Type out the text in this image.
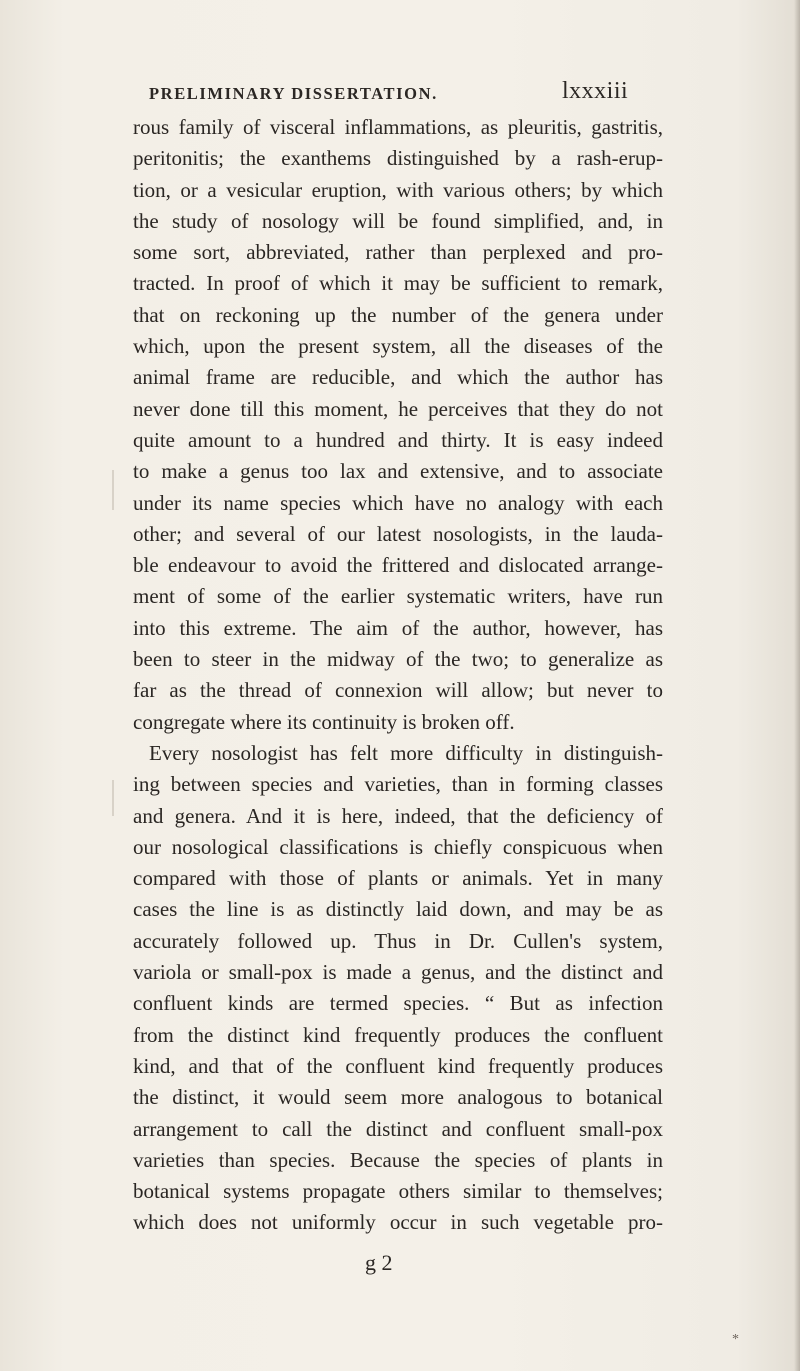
PRELIMINARY DISSERTATION.	lxxxiii
rous family of visceral inflammations, as pleuritis, gastritis,
peritonitis; the exanthems distinguished by a rash-erup-
tion, or a vesicular eruption, with various others; by which
the study of nosology will be found simplified, and, in
some sort, abbreviated, rather than perplexed and pro-
tracted. In proof of which it may be sufficient to remark,
that on reckoning up the number of the genera under
which, upon the present system, all the diseases of the
animal frame are reducible, and which the author has
never done till this moment, he perceives that they do not
quite amount to a hundred and thirty. It is easy indeed
to make a genus too lax and extensive, and to associate
under its name species which have no analogy with each
other; and several of our latest nosologists, in the lauda-
ble endeavour to avoid the frittered and dislocated arrange-
ment of some of the earlier systematic writers, have run
into this extreme. The aim of the author, however, has
been to steer in the midway of the two; to generalize as
far as the thread of connexion will allow; but never to
congregate where its continuity is broken off.
Every nosologist has felt more difficulty in distinguish-
ing between species and varieties, than in forming classes
and genera. And it is here, indeed, that the deficiency of
our nosological classifications is chiefly conspicuous when
compared with those of plants or animals. Yet in many
cases the line is as distinctly laid down, and may be as
accurately followed up. Thus in Dr. Cullen's system,
variola or small-pox is made a genus, and the distinct and
confluent kinds are termed species. “ But as infection
from the distinct kind frequently produces the confluent
kind, and that of the confluent kind frequently produces
the distinct, it would seem more analogous to botanical
arrangement to call the distinct and confluent small-pox
varieties than species. Because the species of plants in
botanical systems propagate others similar to themselves;
which does not uniformly occur in such vegetable pro-
g 2
*
